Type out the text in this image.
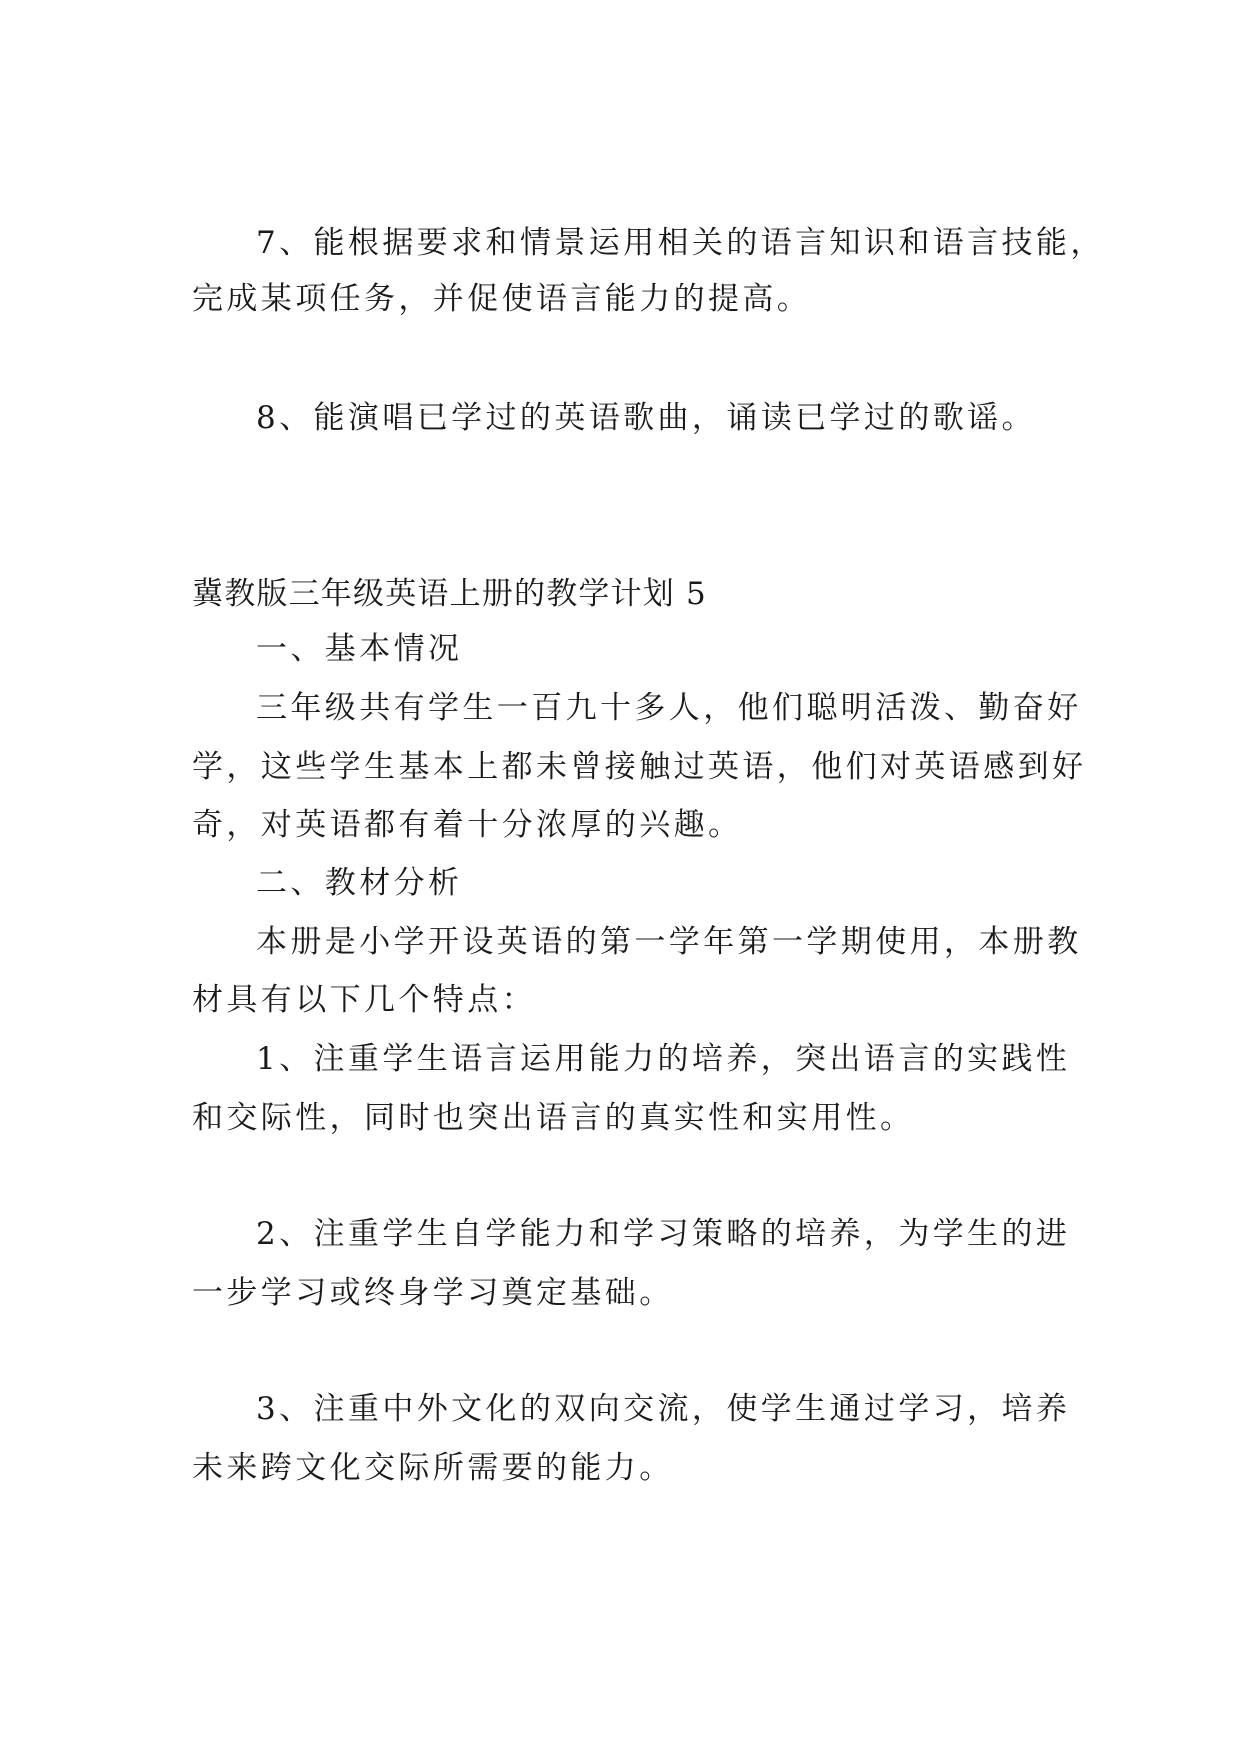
7、能根据要求和情景运用相关的语言知识和语言技能，
完成某项任务，并促使语言能力的提高。
8、能演唱已学过的英语歌曲，诵读已学过的歌谣。
冀教版三年级英语上册的教学计划 5
一、基本情况
三年级共有学生一百九十多人，他们聪明活泼、勤奋好
学，这些学生基本上都未曾接触过英语，他们对英语感到好
奇，对英语都有着十分浓厚的兴趣。
二、教材分析
本册是小学开设英语的第一学年第一学期使用，本册教
材具有以下几个特点：
1、注重学生语言运用能力的培养，突出语言的实践性
和交际性，同时也突出语言的真实性和实用性。
2、注重学生自学能力和学习策略的培养，为学生的进
一步学习或终身学习奠定基础。
3、注重中外文化的双向交流，使学生通过学习，培养
未来跨文化交际所需要的能力。
